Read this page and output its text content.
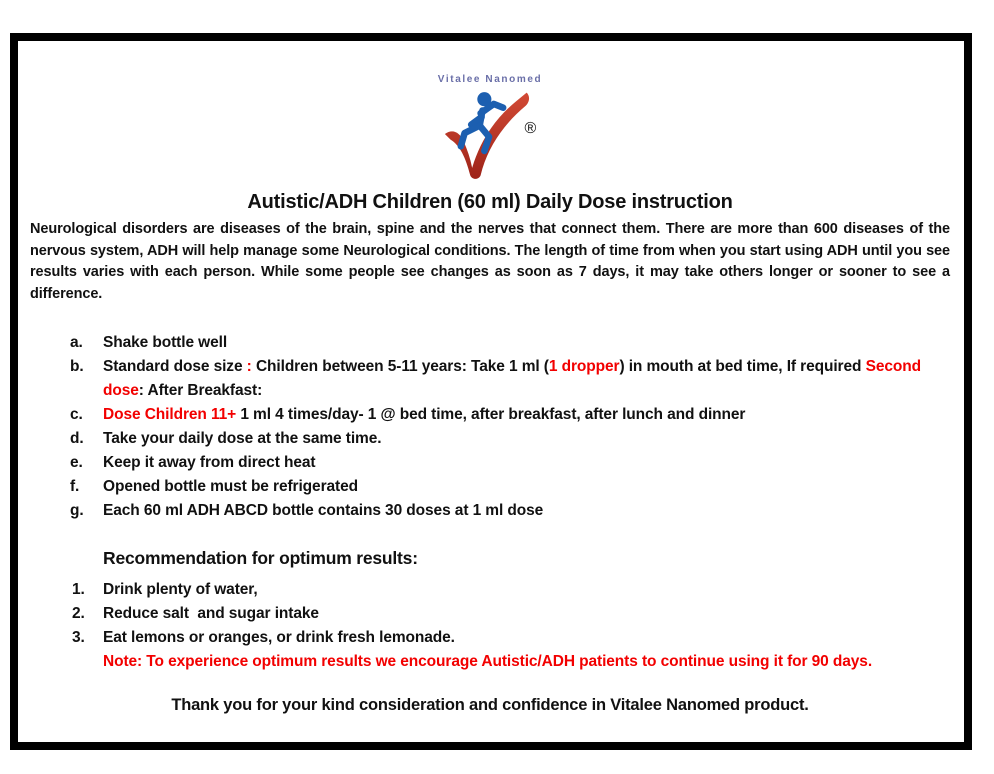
Vitalee Nanomed
®
Autistic/ADH Children (60 ml) Daily Dose instruction
Neurological disorders are diseases of the brain, spine and the nerves that connect them. There are more than 600 diseases of the nervous system, ADH will help manage some Neurological conditions. The length of time from when you start using ADH until you see results varies with each person. While some people see changes as soon as 7 days, it may take others longer or sooner to see a difference.
a.	Shake bottle well
b.	Standard dose size : Children between 5-11 years: Take 1 ml (1 dropper) in mouth at bed time, If required Second dose: After Breakfast:
c.	Dose Children 11+ 1 ml 4 times/day- 1 @ bed time, after breakfast, after lunch and dinner
d.	Take your daily dose at the same time.
e.	Keep it away from direct heat
f.	Opened bottle must be refrigerated
g.	Each 60 ml ADH ABCD bottle contains 30 doses at 1 ml dose
Recommendation for optimum results:
1.	Drink plenty of water,
2.	Reduce salt  and sugar intake
3.	Eat lemons or oranges, or drink fresh lemonade.
Note: To experience optimum results we encourage Autistic/ADH patients to continue using it for 90 days.
Thank you for your kind consideration and confidence in Vitalee Nanomed product.
